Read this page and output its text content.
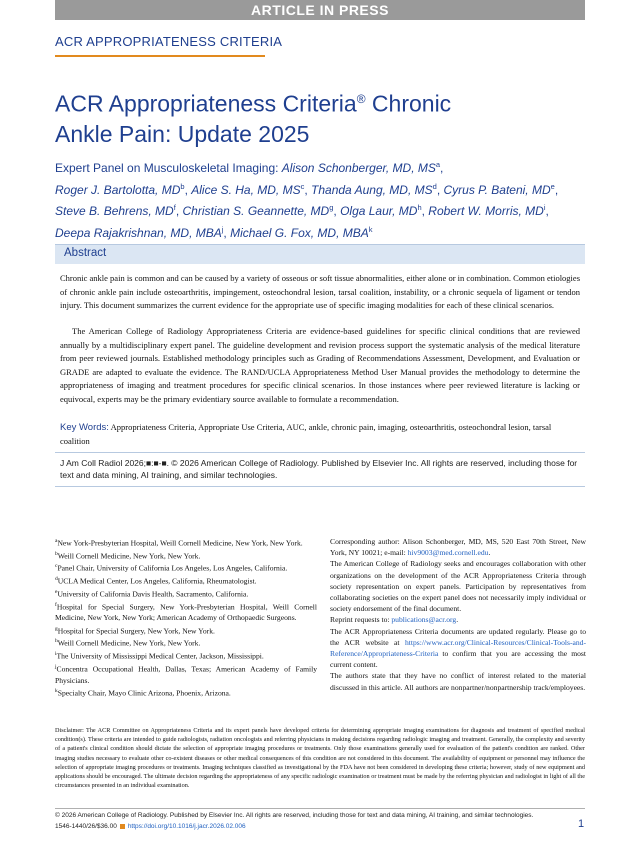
ARTICLE IN PRESS
ACR APPROPRIATENESS CRITERIA
ACR Appropriateness Criteria® Chronic
Ankle Pain: Update 2025
Expert Panel on Musculoskeletal Imaging: Alison Schonberger, MD, $MS^a$,
Roger J. Bartolotta, $MD^b$, Alice S. Ha, MD, $MS^c$, Thanda Aung, MD, $MS^d$, Cyrus P. Bateni, MDe,
Steve B. Behrens, $MD^f$, Christian S. Geannette, $MD^g$, Olga Laur, $MD^h$, Robert W. Morris, $MD^i$,
Deepa Rajakrishnan, MD, MBA$^j$, Michael G. Fox, MD, MBA$^k$
Abstract
Chronic ankle pain is common and can be caused by a variety of osseous or soft tissue abnormalities, either alone or in combination. Common etiologies of chronic ankle pain include osteoarthritis, impingement, osteochondral lesion, tarsal coalition, instability, or a chronic sequela of ligament or tendon injury. This document summarizes the current evidence for the appropriate use of specific imaging modalities for each of these clinical scenarios.
The American College of Radiology Appropriateness Criteria are evidence-based guidelines for specific clinical conditions that are reviewed annually by a multidisciplinary expert panel. The guideline development and revision process support the systematic analysis of the medical literature from peer reviewed journals. Established methodology principles such as Grading of Recommendations Assessment, Development, and Evaluation or GRADE are adapted to evaluate the evidence. The RAND/UCLA Appropriateness Method User Manual provides the methodology to determine the appropriateness of imaging and treatment procedures for specific clinical scenarios. In those instances where peer reviewed literature is lacking or equivocal, experts may be the primary evidentiary source available to formulate a recommendation.
Key Words: Appropriateness Criteria, Appropriate Use Criteria, AUC, ankle, chronic pain, imaging, osteoarthritis, osteochondral lesion, tarsal coalition
J Am Coll Radiol 2026;■:■-■. © 2026 American College of Radiology. Published by Elsevier Inc. All rights are reserved, including those for text and data mining, AI training, and similar technologies.

$^a$New York-Presbyterian Hospital, Weill Cornell Medicine, New York, New York.

$^b$Weill Cornell Medicine, New York, New York.

$^c$Panel Chair, University of California Los Angeles, Los Angeles, California.

$^d$UCLA Medical Center, Los Angeles, California, Rheumatologist.

$^e$University of California Davis Health, Sacramento, California.

$^f$Hospital for Special Surgery, New York-Presbyterian Hospital, Weill Cornell Medicine, New York, New York; American Academy of Orthopaedic Surgeons.

$^g$Hospital for Special Surgery, New York, New York.

$^h$Weill Cornell Medicine, New York, New York.

$^i$The University of Mississippi Medical Center, Jackson, Mississippi.

$^j$Concentra Occupational Health, Dallas, Texas; American Academy of Family Physicians.

$^k$Specialty Chair, Mayo Clinic Arizona, Phoenix, Arizona.

Corresponding author: Alison Schonberger, MD, MS, 520 East 70th Street, New York, NY 10021; e-mail: hiv9003@med.cornell.edu.

The American College of Radiology seeks and encourages collaboration with other organizations on the development of the ACR Appropriateness Criteria through society representation on expert panels. Participation by representatives from collaborating societies on the expert panel does not necessarily imply individual or society endorsement of the final document.

Reprint requests to: publications@acr.org.

The ACR Appropriateness Criteria documents are updated regularly. Please go to the ACR website at https://www.acr.org/Clinical-Resources/Clinical-Tools-and-Reference/Appropriateness-Criteria to confirm that you are accessing the most current content.

The authors state that they have no conflict of interest related to the material discussed in this article. All authors are nonpartner/nonpartnership track/employees.

Disclaimer: The ACR Committee on Appropriateness Criteria and its expert panels have developed criteria for determining appropriate imaging examinations for diagnosis and treatment of specified medical condition(s). These criteria are intended to guide radiologists, radiation oncologists and referring physicians in making decisions regarding radiologic imaging and treatment. Generally, the complexity and severity of a patient's clinical condition should dictate the selection of appropriate imaging procedures or treatments. Only those examinations generally used for evaluation of the patient's condition are ranked. Other imaging studies necessary to evaluate other co-existent diseases or other medical consequences of this condition are not considered in this document. The availability of equipment or personnel may influence the selection of appropriate imaging procedures or treatments. Imaging techniques classified as investigational by the FDA have not been considered in developing these criteria; however, study of new equipment and applications should be encouraged. The ultimate decision regarding the appropriateness of any specific radiologic examination or treatment must be made by the referring physician and radiologist in light of all the circumstances presented in an individual examination.
© 2026 American College of Radiology. Published by Elsevier Inc. All rights are reserved, including those for text and data mining, AI training, and similar technologies.
1546-1440/26/$36.00 https://doi.org/10.1016/j.jacr.2026.02.006	1
